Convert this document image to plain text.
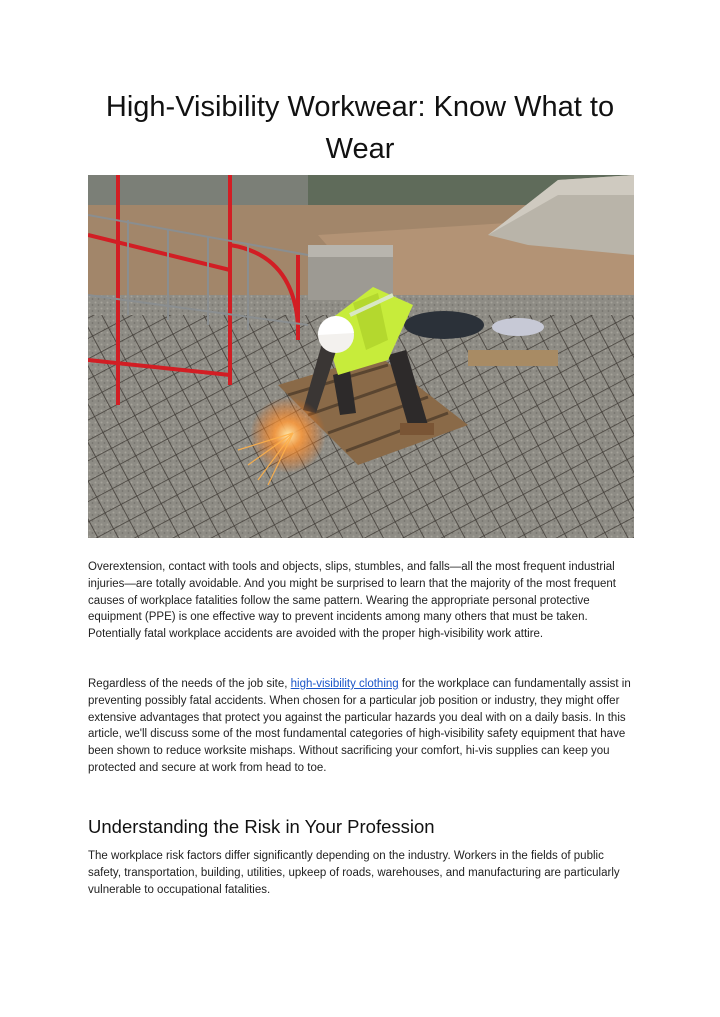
High-Visibility Workwear: Know What to Wear

Overextension, contact with tools and objects, slips, stumbles, and falls—all the most frequent industrial injuries—are totally avoidable. And you might be surprised to learn that the majority of the most frequent causes of workplace fatalities follow the same pattern. Wearing the appropriate personal protective equipment (PPE) is one effective way to prevent incidents among many others that must be taken. Potentially fatal workplace accidents are avoided with the proper high-visibility work attire.

Regardless of the needs of the job site, high-visibility clothing for the workplace can fundamentally assist in preventing possibly fatal accidents. When chosen for a particular job position or industry, they might offer extensive advantages that protect you against the particular hazards you deal with on a daily basis. In this article, we'll discuss some of the most fundamental categories of high-visibility safety equipment that have been shown to reduce worksite mishaps. Without sacrificing your comfort, hi-vis supplies can keep you protected and secure at work from head to toe.

Understanding the Risk in Your Profession

The workplace risk factors differ significantly depending on the industry. Workers in the fields of public safety, transportation, building, utilities, upkeep of roads, warehouses, and manufacturing are particularly vulnerable to occupational fatalities.
